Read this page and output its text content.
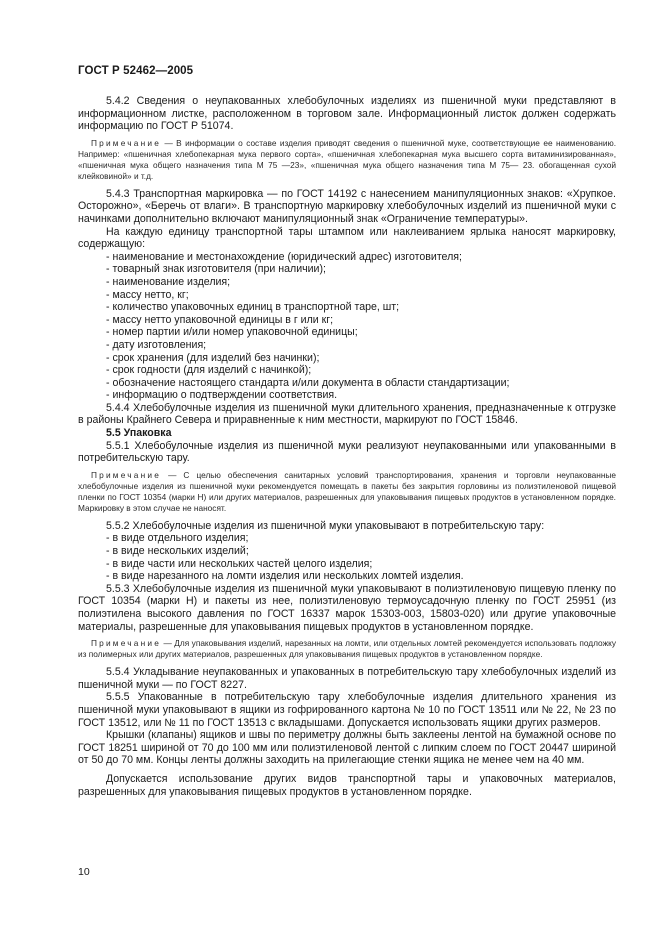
ГОСТ Р 52462—2005

5.4.2 Сведения о неупакованных хлебобулочных изделиях из пшеничной муки представляют в информационном листке, расположенном в торговом зале. Информационный листок должен содержать информацию по ГОСТ Р 51074.

Примечание — В информации о составе изделия приводят сведения о пшеничной муке, соответствующие ее наименованию. Например: «пшеничная хлебопекарная мука первого сорта», «пшеничная хлебопекарная мука высшего сорта витаминизированная», «пшеничная мука общего назначения типа М 75 —23», «пшеничная мука общего назначения типа М 75— 23. обогащенная сухой клейковиной» и т.д.

5.4.3 Транспортная маркировка — по ГОСТ 14192 с нанесением манипуляционных знаков: «Хрупкое. Осторожно», «Беречь от влаги». В транспортную маркировку хлебобулочных изделий из пшеничной муки с начинками дополнительно включают манипуляционный знак «Ограничение температуры».

На каждую единицу транспортной тары штампом или наклеиванием ярлыка наносят маркировку, содержащую:

- наименование и местонахождение (юридический адрес) изготовителя;

- товарный знак изготовителя (при наличии);

- наименование изделия;

- массу нетто, кг;

- количество упаковочных единиц в транспортной таре, шт;

- массу нетто упаковочной единицы в г или кг;

- номер партии и/или номер упаковочной единицы;

- дату изготовления;

- срок хранения (для изделий без начинки);

- срок годности (для изделий с начинкой);

- обозначение настоящего стандарта и/или документа в области стандартизации;

- информацию о подтверждении соответствия.

5.4.4 Хлебобулочные изделия из пшеничной муки длительного хранения, предназначенные к отгрузке в районы Крайнего Севера и приравненные к ним местности, маркируют по ГОСТ 15846.

5.5 Упаковка

5.5.1 Хлебобулочные изделия из пшеничной муки реализуют неупакованными или упакованными в потребительскую тару.

Примечание — С целью обеспечения санитарных условий транспортирования, хранения и торговли неупакованные хлебобулочные изделия из пшеничной муки рекомендуется помещать в пакеты без закрытия горловины из полиэтиленовой пищевой пленки по ГОСТ 10354 (марки Н) или других материалов, разрешенных для упаковывания пищевых продуктов в установленном порядке. Маркировку в этом случае не наносят.

5.5.2 Хлебобулочные изделия из пшеничной муки упаковывают в потребительскую тару:

- в виде отдельного изделия;

- в виде нескольких изделий;

- в виде части или нескольких частей целого изделия;

- в виде нарезанного на ломти изделия или нескольких ломтей изделия.

5.5.3 Хлебобулочные изделия из пшеничной муки упаковывают в полиэтиленовую пищевую пленку по ГОСТ 10354 (марки Н) и пакеты из нее, полиэтиленовую термоусадочную пленку по ГОСТ 25951 (из полиэтилена высокого давления по ГОСТ 16337 марок 15303-003, 15803-020) или другие упаковочные материалы, разрешенные для упаковывания пищевых продуктов в установленном порядке.

Примечание — Для упаковывания изделий, нарезанных на ломти, или отдельных ломтей рекомендуется использовать подложку из полимерных или других материалов, разрешенных для упаковывания пищевых продуктов в установленном порядке.

5.5.4 Укладывание неупакованных и упакованных в потребительскую тару хлебобулочных изделий из пшеничной муки — по ГОСТ 8227.

5.5.5 Упакованные в потребительскую тару хлебобулочные изделия длительного хранения из пшеничной муки упаковывают в ящики из гофрированного картона № 10 по ГОСТ 13511 или № 22, № 23 по ГОСТ 13512, или № 11 по ГОСТ 13513 с вкладышами. Допускается использовать ящики других размеров.

Крышки (клапаны) ящиков и швы по периметру должны быть заклеены лентой на бумажной основе по ГОСТ 18251 шириной от 70 до 100 мм или полиэтиленовой лентой с липким слоем по ГОСТ 20447 шириной от 50 до 70 мм. Концы ленты должны заходить на прилегающие стенки ящика не менее чем на 40 мм.

Допускается использование других видов транспортной тары и упаковочных материалов, разрешенных для упаковывания пищевых продуктов в установленном порядке.

10
